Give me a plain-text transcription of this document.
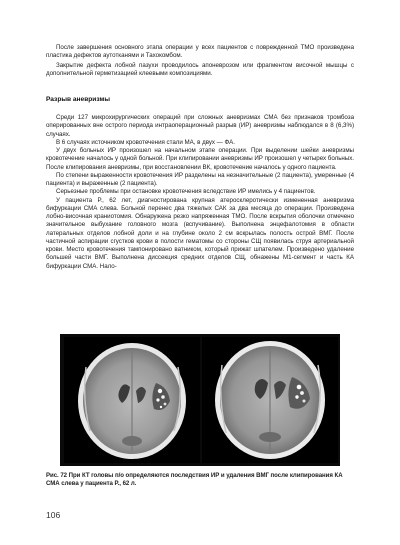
После завершения основного этапа операции у всех пациентов с поврежденной ТМО произведена пластика дефектов аутотканями и Тахокомбом.

Закрытие дефекта лобной пазухи проводилось апоневрозом или фрагментом височной мышцы с дополнительной герметизацией клеевыми композициями.

Разрыв аневризмы

Среди 127 микрохирургических операций при сложных аневризмах СМА без признаков тромбоза оперированных вне острого периода интраоперационный разрыв (ИР) аневризмы наблюдался в 8 (6,3%) случаях.

В 6 случаях источником кровотечения стали МА, в двух — ФА.

У двух больных ИР произошел на начальном этапе операции. При выделении шейки аневризмы кровотечение началось у одной больной. При клипировании аневризмы ИР произошел у четырех больных. После клипирования аневризмы, при восстановлении ВК, кровотечение началось у одного пациента.

По степени выраженности кровотечения ИР разделены на незначительные (2 пациента), умеренные (4 пациента) и выраженные (2 пациента).

Серьезные проблемы при остановке кровотечения вследствие ИР имелись у 4 пациентов.

У пациента Р., 62 лет, диагностирована крупная атеросклеротически измененная аневризма бифуркации СМА слева. Больной перенес два тяжелых САК за два месяца до операции. Произведена лобно-височная краниотомия. Обнаружена резко напряженная ТМО. После вскрытия оболочки отмечено значительное выбухание головного мозга (вспучивание). Выполнена энцефалотомия в области латеральных отделов лобной доли и на глубине около 2 см вскрылась полость острой ВМГ. После частичной аспирации сгустков крови в полости гематомы со стороны СЩ появилась струя артериальной крови. Место кровотечения тампонировано ватником, который прижат шпателем. Произведено удаление большей части ВМГ. Выполнена диссекция средних отделов СЩ, обнажены М1-сегмент и часть КА бифуркации СМА. Нало-

Рис. 72 При КТ головы п/о определяются последствия ИР и удаления ВМГ после клипирования КА СМА слева у пациента Р., 62 л.
106
